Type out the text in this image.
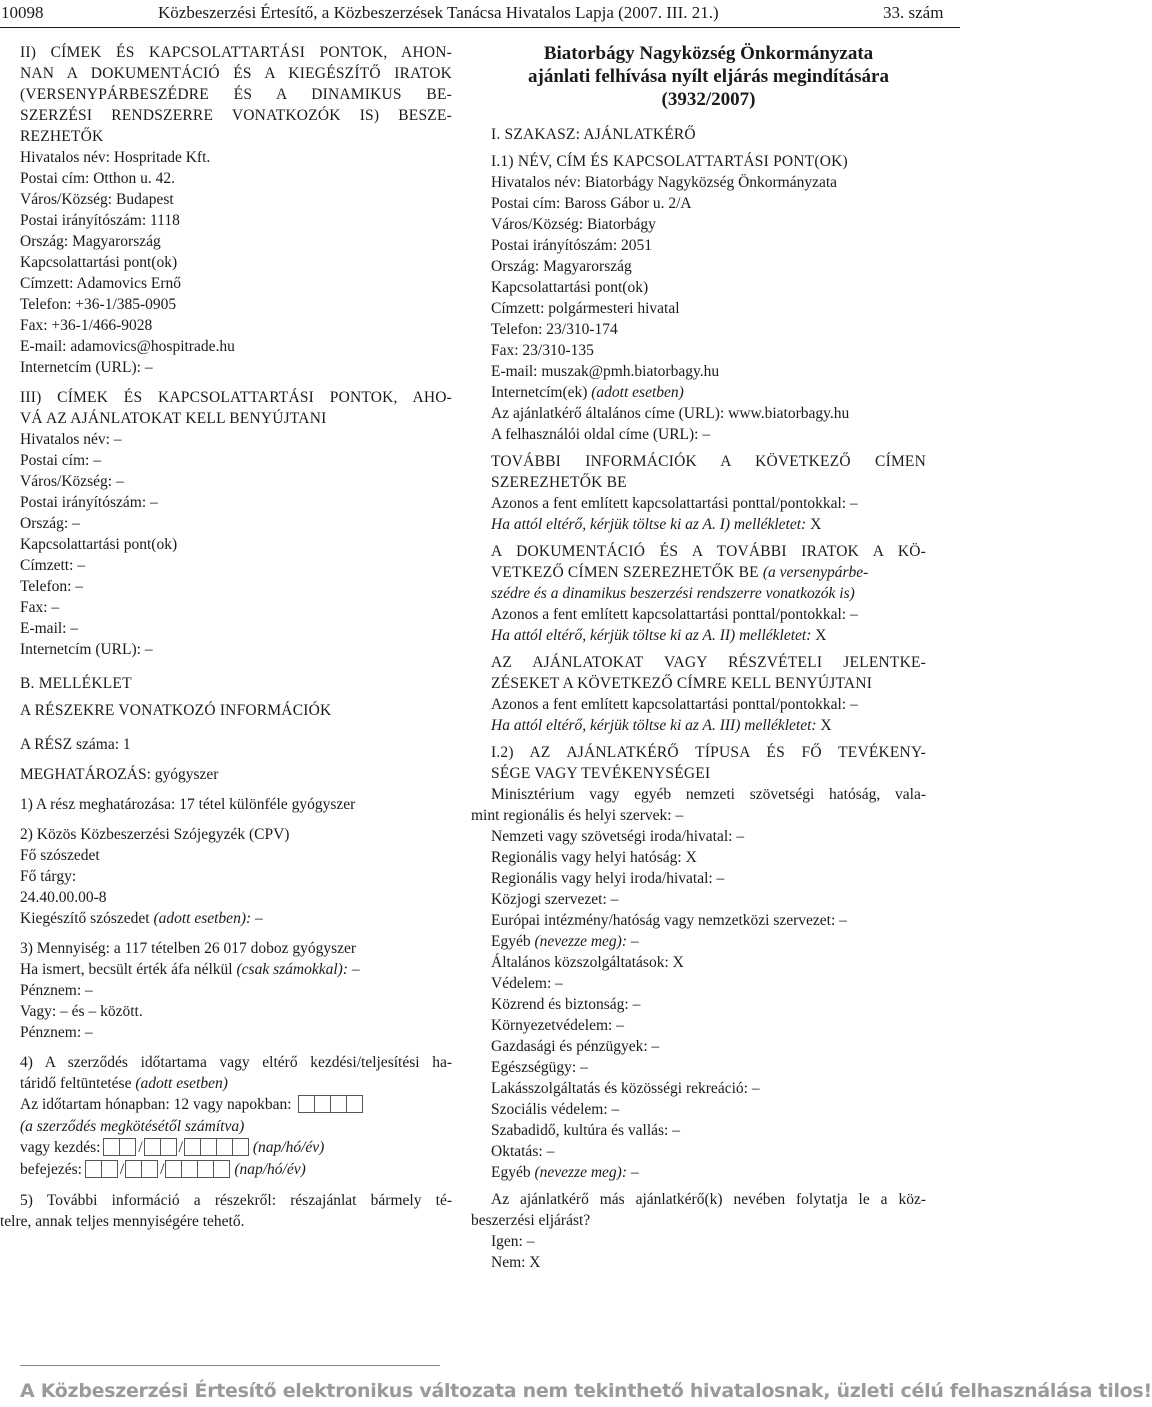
10098	Közbeszerzési Értesítő, a Közbeszerzések Tanácsa Hivatalos Lapja (2007. III. 21.)	33. szám
II) CÍMEK ÉS KAPCSOLATTARTÁSI PONTOK, AHON-
NAN A DOKUMENTÁCIÓ ÉS A KIEGÉSZÍTŐ IRATOK
(VERSENYPÁRBESZÉDRE ÉS A DINAMIKUS BE-
SZERZÉSI RENDSZERRE VONATKOZÓK IS) BESZE-
REZHETŐK
Hivatalos név: Hospritade Kft.
Postai cím: Otthon u. 42.
Város/Község: Budapest
Postai irányítószám: 1118
Ország: Magyarország
Kapcsolattartási pont(ok)
Címzett: Adamovics Ernő
Telefon: +36-1/385-0905
Fax: +36-1/466-9028
E-mail: adamovics@hospitrade.hu
Internetcím (URL): –
III) CÍMEK ÉS KAPCSOLATTARTÁSI PONTOK, AHO-
VÁ AZ AJÁNLATOKAT KELL BENYÚJTANI
Hivatalos név: –
Postai cím: –
Város/Község: –
Postai irányítószám: –
Ország: –
Kapcsolattartási pont(ok)
Címzett: –
Telefon: –
Fax: –
E-mail: –
Internetcím (URL): –
B. MELLÉKLET
A RÉSZEKRE VONATKOZÓ INFORMÁCIÓK
A RÉSZ száma: 1
MEGHATÁROZÁS: gyógyszer
1) A rész meghatározása: 17 tétel különféle gyógyszer
2) Közös Közbeszerzési Szójegyzék (CPV)
Fő szószedet
Fő tárgy:
24.40.00.00-8
Kiegészítő szószedet (adott esetben): –
3) Mennyiség: a 117 tételben 26 017 doboz gyógyszer
Ha ismert, becsült érték áfa nélkül (csak számokkal): –
Pénznem: –
Vagy: – és – között.
Pénznem: –
4) A szerződés időtartama vagy eltérő kezdési/teljesítési ha-
táridő feltüntetése (adott esetben)
Az időtartam hónapban: 12 vagy napokban:
(a szerződés megkötésétől számítva)
vagy kezdés: / /	(nap/hó/év)
befejezés: / /	(nap/hó/év)
5) További információ a részekről: részajánlat bármely té-
telre, annak teljes mennyiségére tehető.
Biatorbágy Nagyközség Önkormányzata
ajánlati felhívása nyílt eljárás megindítására
(3932/2007)
I. SZAKASZ: AJÁNLATKÉRŐ
I.1) NÉV, CÍM ÉS KAPCSOLATTARTÁSI PONT(OK)
Hivatalos név: Biatorbágy Nagyközség Önkormányzata
Postai cím: Baross Gábor u. 2/A
Város/Község: Biatorbágy
Postai irányítószám: 2051
Ország: Magyarország
Kapcsolattartási pont(ok)
Címzett: polgármesteri hivatal
Telefon: 23/310-174
Fax: 23/310-135
E-mail: muszak@pmh.biatorbagy.hu
Internetcím(ek) (adott esetben)
Az ajánlatkérő általános címe (URL): www.biatorbagy.hu
A felhasználói oldal címe (URL): –
TOVÁBBI INFORMÁCIÓK A KÖVETKEZŐ CÍMEN
SZEREZHETŐK BE
Azonos a fent említett kapcsolattartási ponttal/pontokkal: –
Ha attól eltérő, kérjük töltse ki az A. I) mellékletet: X
A DOKUMENTÁCIÓ ÉS A TOVÁBBI IRATOK A KÖ-
VETKEZŐ CÍMEN SZEREZHETŐK BE (a versenypárbe-
szédre és a dinamikus beszerzési rendszerre vonatkozók is)
Azonos a fent említett kapcsolattartási ponttal/pontokkal: –
Ha attól eltérő, kérjük töltse ki az A. II) mellékletet: X
AZ AJÁNLATOKAT VAGY RÉSZVÉTELI JELENTKE-
ZÉSEKET A KÖVETKEZŐ CÍMRE KELL BENYÚJTANI
Azonos a fent említett kapcsolattartási ponttal/pontokkal: –
Ha attól eltérő, kérjük töltse ki az A. III) mellékletet: X
I.2) AZ AJÁNLATKÉRŐ TÍPUSA ÉS FŐ TEVÉKENY-
SÉGE VAGY TEVÉKENYSÉGEI
Minisztérium vagy egyéb nemzeti szövetségi hatóság, vala-
mint regionális és helyi szervek: –
Nemzeti vagy szövetségi iroda/hivatal: –
Regionális vagy helyi hatóság: X
Regionális vagy helyi iroda/hivatal: –
Közjogi szervezet: –
Európai intézmény/hatóság vagy nemzetközi szervezet: –
Egyéb (nevezze meg): –
Általános közszolgáltatások: X
Védelem: –
Közrend és biztonság: –
Környezetvédelem: –
Gazdasági és pénzügyek: –
Egészségügy: –
Lakásszolgáltatás és közösségi rekreáció: –
Szociális védelem: –
Szabadidő, kultúra és vallás: –
Oktatás: –
Egyéb (nevezze meg): –
Az ajánlatkérő más ajánlatkérő(k) nevében folytatja le a köz-
beszerzési eljárást?
Igen: –
Nem: X
A Közbeszerzési Értesítő elektronikus változata nem tekinthető hivatalosnak, üzleti célú felhasználása tilos!
